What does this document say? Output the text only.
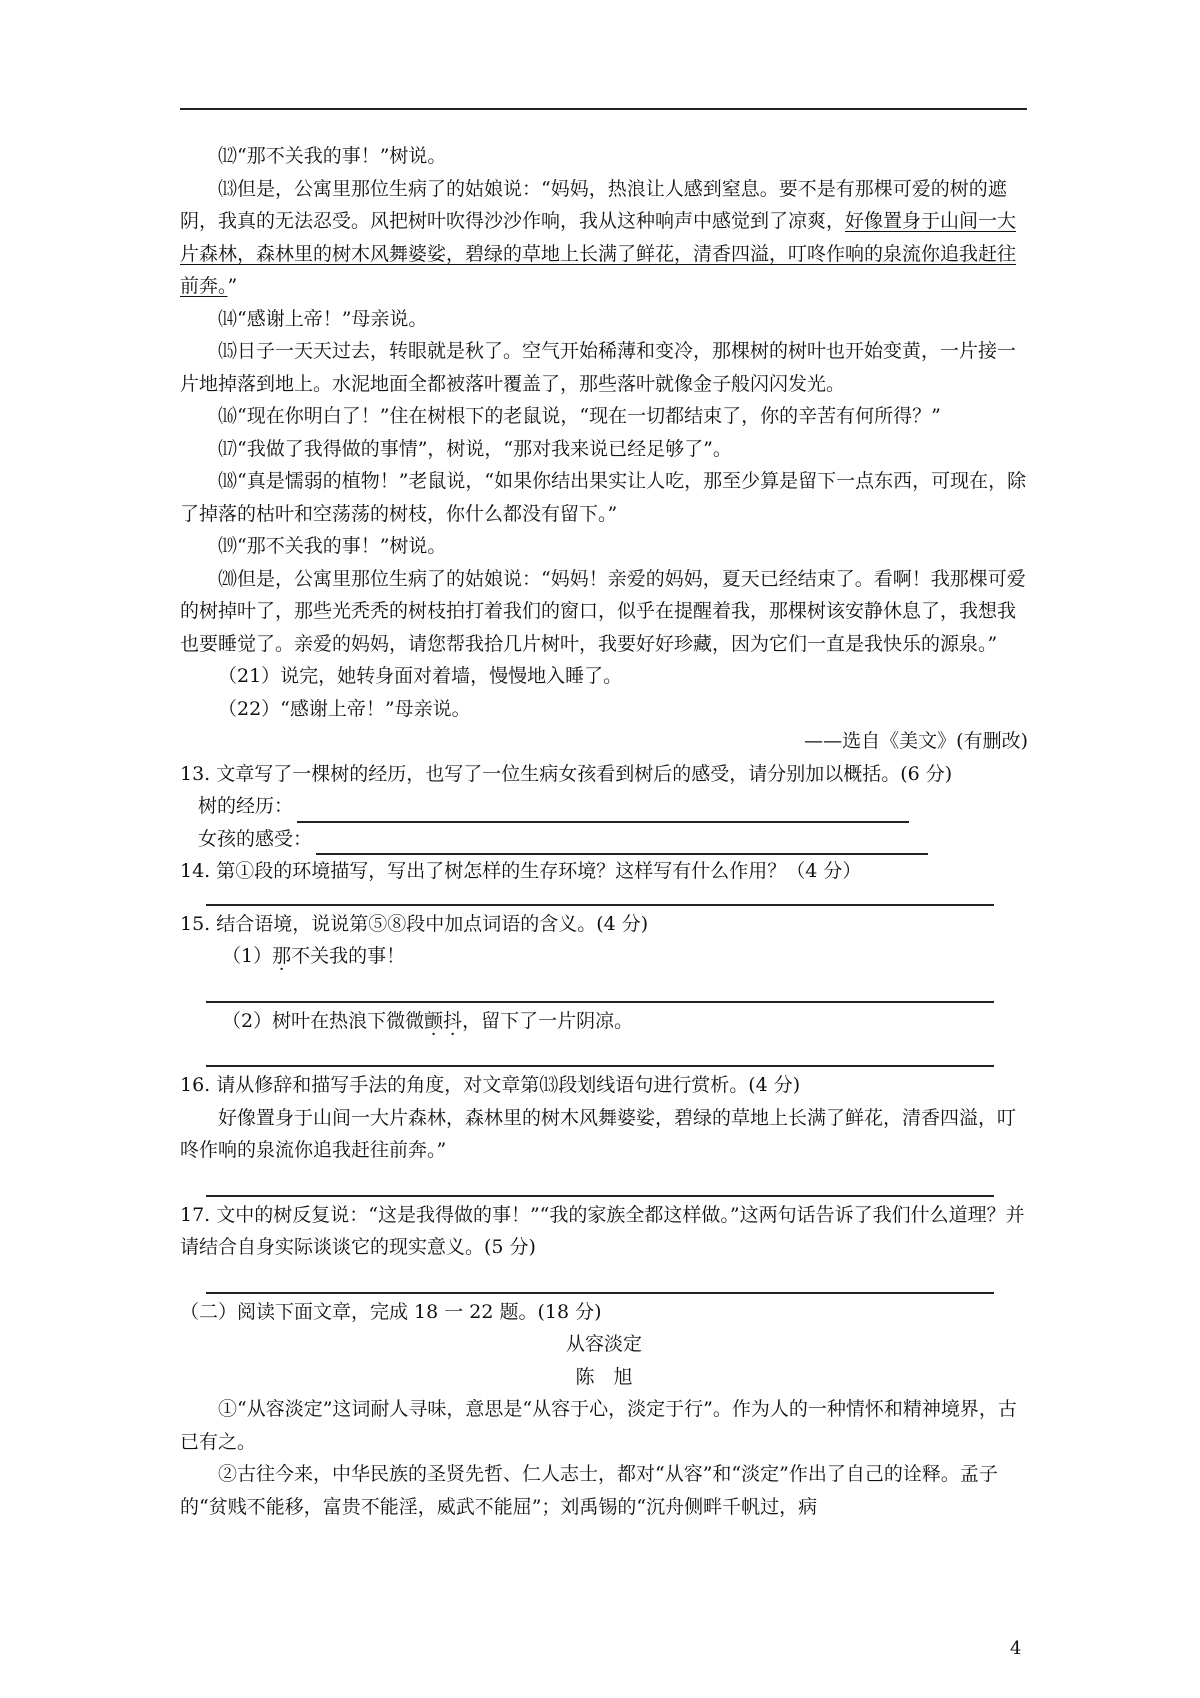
⑿“那不关我的事！”树说。

⒀但是，公寓里那位生病了的姑娘说：“妈妈，热浪让人感到窒息。要不是有那棵可爱的树的遮阴，我真的无法忍受。风把树叶吹得沙沙作响，我从这种响声中感觉到了凉爽，好像置身于山间一大片森林，森林里的树木风舞婆娑，碧绿的草地上长满了鲜花，清香四溢，叮咚作响的泉流你追我赶往前奔。”

⒁“感谢上帝！”母亲说。

⒂日子一天天过去，转眼就是秋了。空气开始稀薄和变冷，那棵树的树叶也开始变黄，一片接一片地掉落到地上。水泥地面全都被落叶覆盖了，那些落叶就像金子般闪闪发光。

⒃“现在你明白了！”住在树根下的老鼠说，“现在一切都结束了，你的辛苦有何所得？”

⒄“我做了我得做的事情”，树说，“那对我来说已经足够了”。

⒅“真是懦弱的植物！”老鼠说，“如果你结出果实让人吃，那至少算是留下一点东西，可现在，除了掉落的枯叶和空荡荡的树枝，你什么都没有留下。”

⒆“那不关我的事！”树说。

⒇但是，公寓里那位生病了的姑娘说：“妈妈！亲爱的妈妈，夏天已经结束了。看啊！我那棵可爱的树掉叶了，那些光秃秃的树枝拍打着我们的窗口，似乎在提醒着我，那棵树该安静休息了，我想我也要睡觉了。亲爱的妈妈，请您帮我拾几片树叶，我要好好珍藏，因为它们一直是我快乐的源泉。”

（21）说完，她转身面对着墙，慢慢地入睡了。

（22）“感谢上帝！”母亲说。

——选自《美文》(有删改)

13. 文章写了一棵树的经历，也写了一位生病女孩看到树后的感受，请分别加以概括。(6 分)

树的经历：
女孩的感受：

14. 第①段的环境描写，写出了树怎样的生存环境？这样写有什么作用？（4 分）

15. 结合语境，说说第⑤⑧段中加点词语的含义。(4 分)

（1）那不关我的事！

（2）树叶在热浪下微微颤抖，留下了一片阴凉。

16. 请从修辞和描写手法的角度，对文章第⒀段划线语句进行赏析。(4 分)

好像置身于山间一大片森林，森林里的树木风舞婆娑，碧绿的草地上长满了鲜花，清香四溢，叮咚作响的泉流你追我赶往前奔。”

17. 文中的树反复说：“这是我得做的事！”“我的家族全都这样做。”这两句话告诉了我们什么道理？并请结合自身实际谈谈它的现实意义。(5 分)

（二）阅读下面文章，完成 18 一 22 题。(18 分)

从容淡定

陈　旭

①“从容淡定”这词耐人寻味，意思是“从容于心，淡定于行”。作为人的一种情怀和精神境界，古已有之。

②古往今来，中华民族的圣贤先哲、仁人志士，都对“从容”和“淡定”作出了自己的诠释。孟子的“贫贱不能移，富贵不能淫，威武不能屈”；刘禹锡的“沉舟侧畔千帆过，病

4
